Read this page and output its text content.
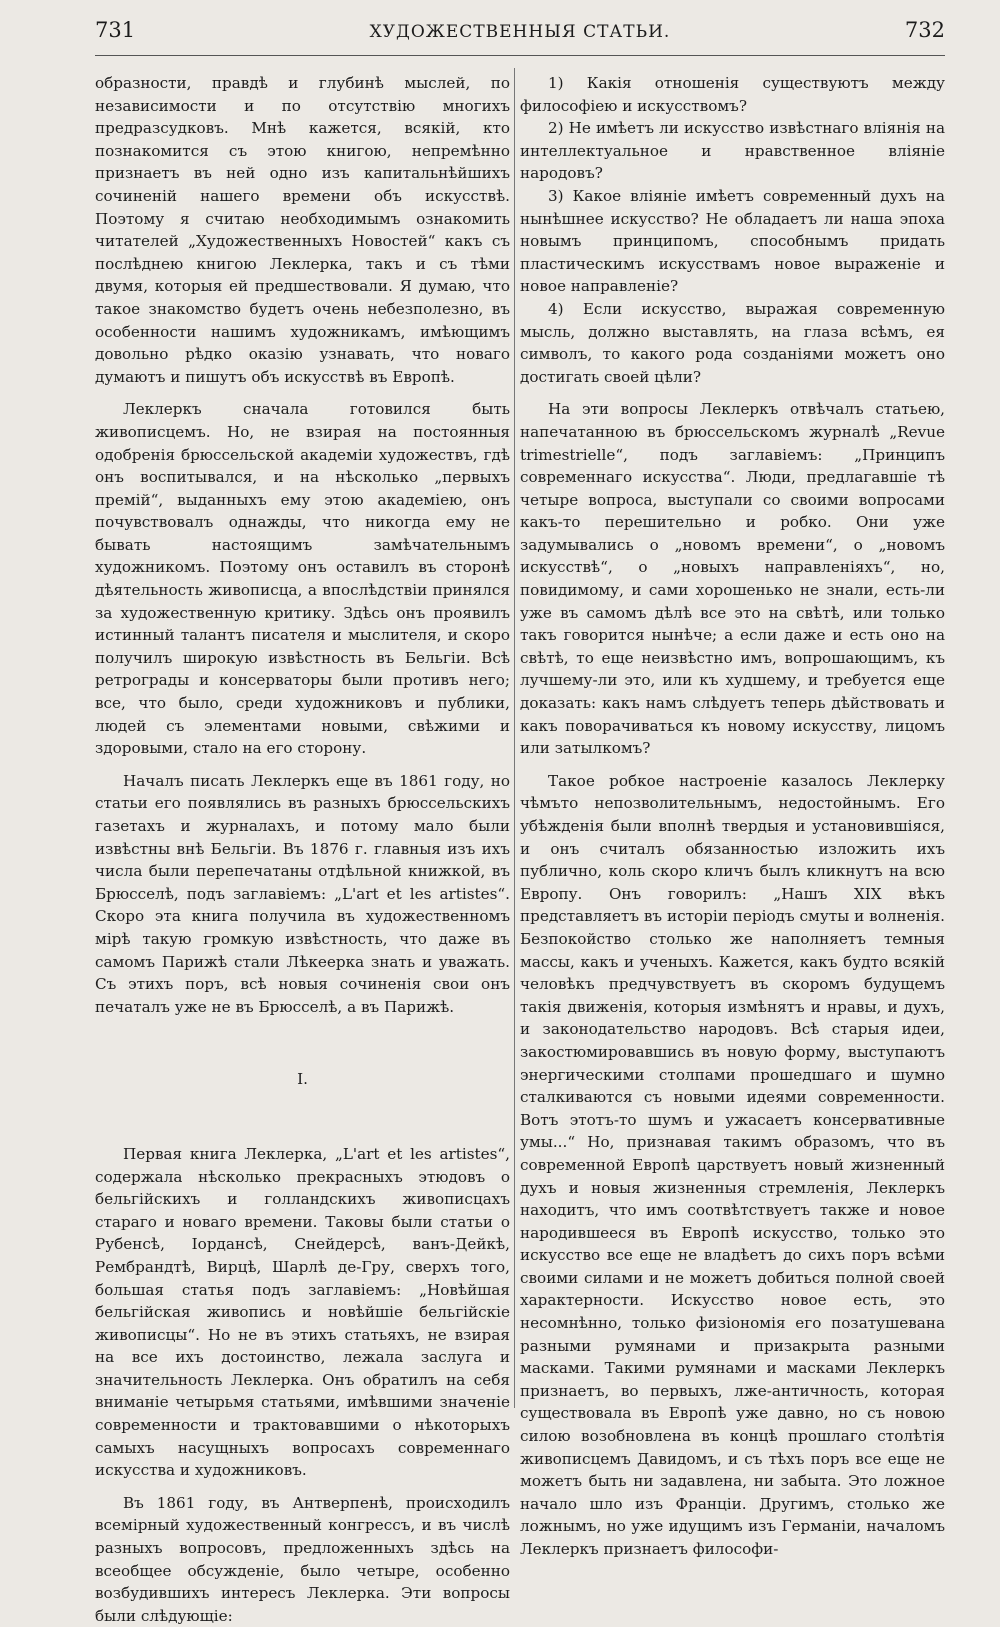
731	ХУДОЖЕСТВЕННЫЯ СТАТЬИ.	732

образности, правдѣ и глубинѣ мыслей, по независимости и по отсутствію многихъ предразсудковъ. Мнѣ кажется, всякій, кто познакомится съ этою книгою, непремѣнно признаетъ въ ней одно изъ капитальнѣйшихъ сочиненій нашего времени объ искусствѣ. Поэтому я считаю необходимымъ ознакомить читателей „Художественныхъ Новостей“ какъ съ послѣднею книгою Леклерка, такъ и съ тѣми двумя, которыя ей предшествовали. Я думаю, что такое знакомство будетъ очень небезполезно, въ особенности нашимъ художникамъ, имѣющимъ довольно рѣдко оказію узнавать, что новаго думаютъ и пишутъ объ искусствѣ въ Европѣ.

Леклеркъ сначала готовился быть живописцемъ. Но, не взирая на постоянныя одобренія брюссельской академіи художествъ, гдѣ онъ воспитывался, и на нѣсколько „первыхъ премій“, выданныхъ ему этою академіею, онъ почувствовалъ однажды, что никогда ему не бывать настоящимъ замѣчательнымъ художникомъ. Поэтому онъ оставилъ въ сторонѣ дѣятельность живописца, а впослѣдствіи принялся за художественную критику. Здѣсь онъ проявилъ истинный талантъ писателя и мыслителя, и скоро получилъ широкую извѣстность въ Бельгіи. Всѣ ретрограды и консерваторы были противъ него; все, что было, среди художниковъ и публики, людей съ элементами новыми, свѣжими и здоровыми, стало на его сторону.

Началъ писать Леклеркъ еще въ 1861 году, но статьи его появлялись въ разныхъ брюссельскихъ газетахъ и журналахъ, и потому мало были извѣстны внѣ Бельгіи. Въ 1876 г. главныя изъ ихъ числа были перепечатаны отдѣльной книжкой, въ Брюсселѣ, подъ заглавіемъ: „L'art et les artistes“. Скоро эта книга получила въ художественномъ мірѣ такую громкую извѣстность, что даже въ самомъ Парижѣ стали Лѣкеерка знать и уважать. Съ этихъ поръ, всѣ новыя сочиненія свои онъ печаталъ уже не въ Брюсселѣ, а въ Парижѣ.

I.

Первая книга Леклерка, „L'art et les artistes“, содержала нѣсколько прекрасныхъ этюдовъ о бельгійскихъ и голландскихъ живописцахъ стараго и новаго времени. Таковы были статьи о Рубенсѣ, Іордансѣ, Снейдерсѣ, ванъ-Дейкѣ, Рембрандтѣ, Вирцѣ, Шарлѣ де-Гру, сверхъ того, большая статья подъ заглавіемъ: „Новѣйшая бельгійская живопись и новѣйшіе бельгійскіе живописцы“. Но не въ этихъ статьяхъ, не взирая на все ихъ достоинство, лежала заслуга и значительность Леклерка. Онъ обратилъ на себя вниманіе четырьмя статьями, имѣвшими значеніе современности и трактовавшими о нѣкоторыхъ самыхъ насущныхъ вопросахъ современнаго искусства и художниковъ.

Въ 1861 году, въ Антверпенѣ, происходилъ всемірный художественный конгрессъ, и въ числѣ разныхъ вопросовъ, предложенныхъ здѣсь на всеобщее обсужденіе, было четыре, особенно возбудившихъ интересъ Леклерка. Эти вопросы были слѣдующіе:

1) Какія отношенія существуютъ между философіею и искусствомъ?

2) Не имѣетъ ли искусство извѣстнаго вліянія на интеллектуальное и нравственное вліяніе народовъ?

3) Какое вліяніе имѣетъ современный духъ на нынѣшнее искусство? Не обладаетъ ли наша эпоха новымъ принципомъ, способнымъ придать пластическимъ искусствамъ новое выраженіе и новое направленіе?

4) Если искусство, выражая современную мысль, должно выставлять, на глаза всѣмъ, ея символъ, то какого рода созданіями можетъ оно достигать своей цѣли?

На эти вопросы Леклеркъ отвѣчалъ статьею, напечатанною въ брюссельскомъ журналѣ „Revue trimestrielle“, подъ заглавіемъ: „Принципъ современнаго искусства“. Люди, предлагавшіе тѣ четыре вопроса, выступали со своими вопросами какъ-то перешительно и робко. Они уже задумывались о „новомъ времени“, о „новомъ искусствѣ“, о „новыхъ направленіяхъ“, но, повидимому, и сами хорошенько не знали, есть-ли уже въ самомъ дѣлѣ все это на свѣтѣ, или только такъ говорится нынѣче; а если даже и есть оно на свѣтѣ, то еще неизвѣстно имъ, вопрошающимъ, къ лучшему-ли это, или къ худшему, и требуется еще доказать: какъ намъ слѣдуетъ теперь дѣйствовать и какъ поворачиваться къ новому искусству, лицомъ или затылкомъ?

Такое робкое настроеніе казалось Леклерку чѣмъто непозволительнымъ, недостойнымъ. Его убѣжденія были вполнѣ твердыя и установившіяся, и онъ считалъ обязанностью изложить ихъ публично, коль скоро кличъ былъ кликнутъ на всю Европу. Онъ говорилъ: „Нашъ XIX вѣкъ представляетъ въ исторіи періодъ смуты и волненія. Безпокойство столько же наполняетъ темныя массы, какъ и ученыхъ. Кажется, какъ будто всякій человѣкъ предчувствуетъ въ скоромъ будущемъ такія движенія, которыя измѣнятъ и нравы, и духъ, и законодательство народовъ. Всѣ старыя идеи, закостюмировавшись въ новую форму, выступаютъ энергическими столпами прошедшаго и шумно сталкиваются съ новыми идеями современности. Вотъ этотъ-то шумъ и ужасаетъ консервативные умы...“ Но, признавая такимъ образомъ, что въ современной Европѣ царствуетъ новый жизненный духъ и новыя жизненныя стремленія, Леклеркъ находитъ, что имъ соотвѣтствуетъ также и новое народившееся въ Европѣ искусство, только это искусство все еще не владѣетъ до сихъ поръ всѣми своими силами и не можетъ добиться полной своей характерности. Искусство новое есть, это несомнѣнно, только физіономія его позатушевана разными румянами и призакрыта разными масками. Такими румянами и масками Леклеркъ признаетъ, во первыхъ, лже-античность, которая существовала въ Европѣ уже давно, но съ новою силою возобновлена въ концѣ прошлаго столѣтія живописцемъ Давидомъ, и съ тѣхъ поръ все еще не можетъ быть ни задавлена, ни забыта. Это ложное начало шло изъ Франціи. Другимъ, столько же ложнымъ, но уже идущимъ изъ Германіи, началомъ Леклеркъ признаетъ философи-
